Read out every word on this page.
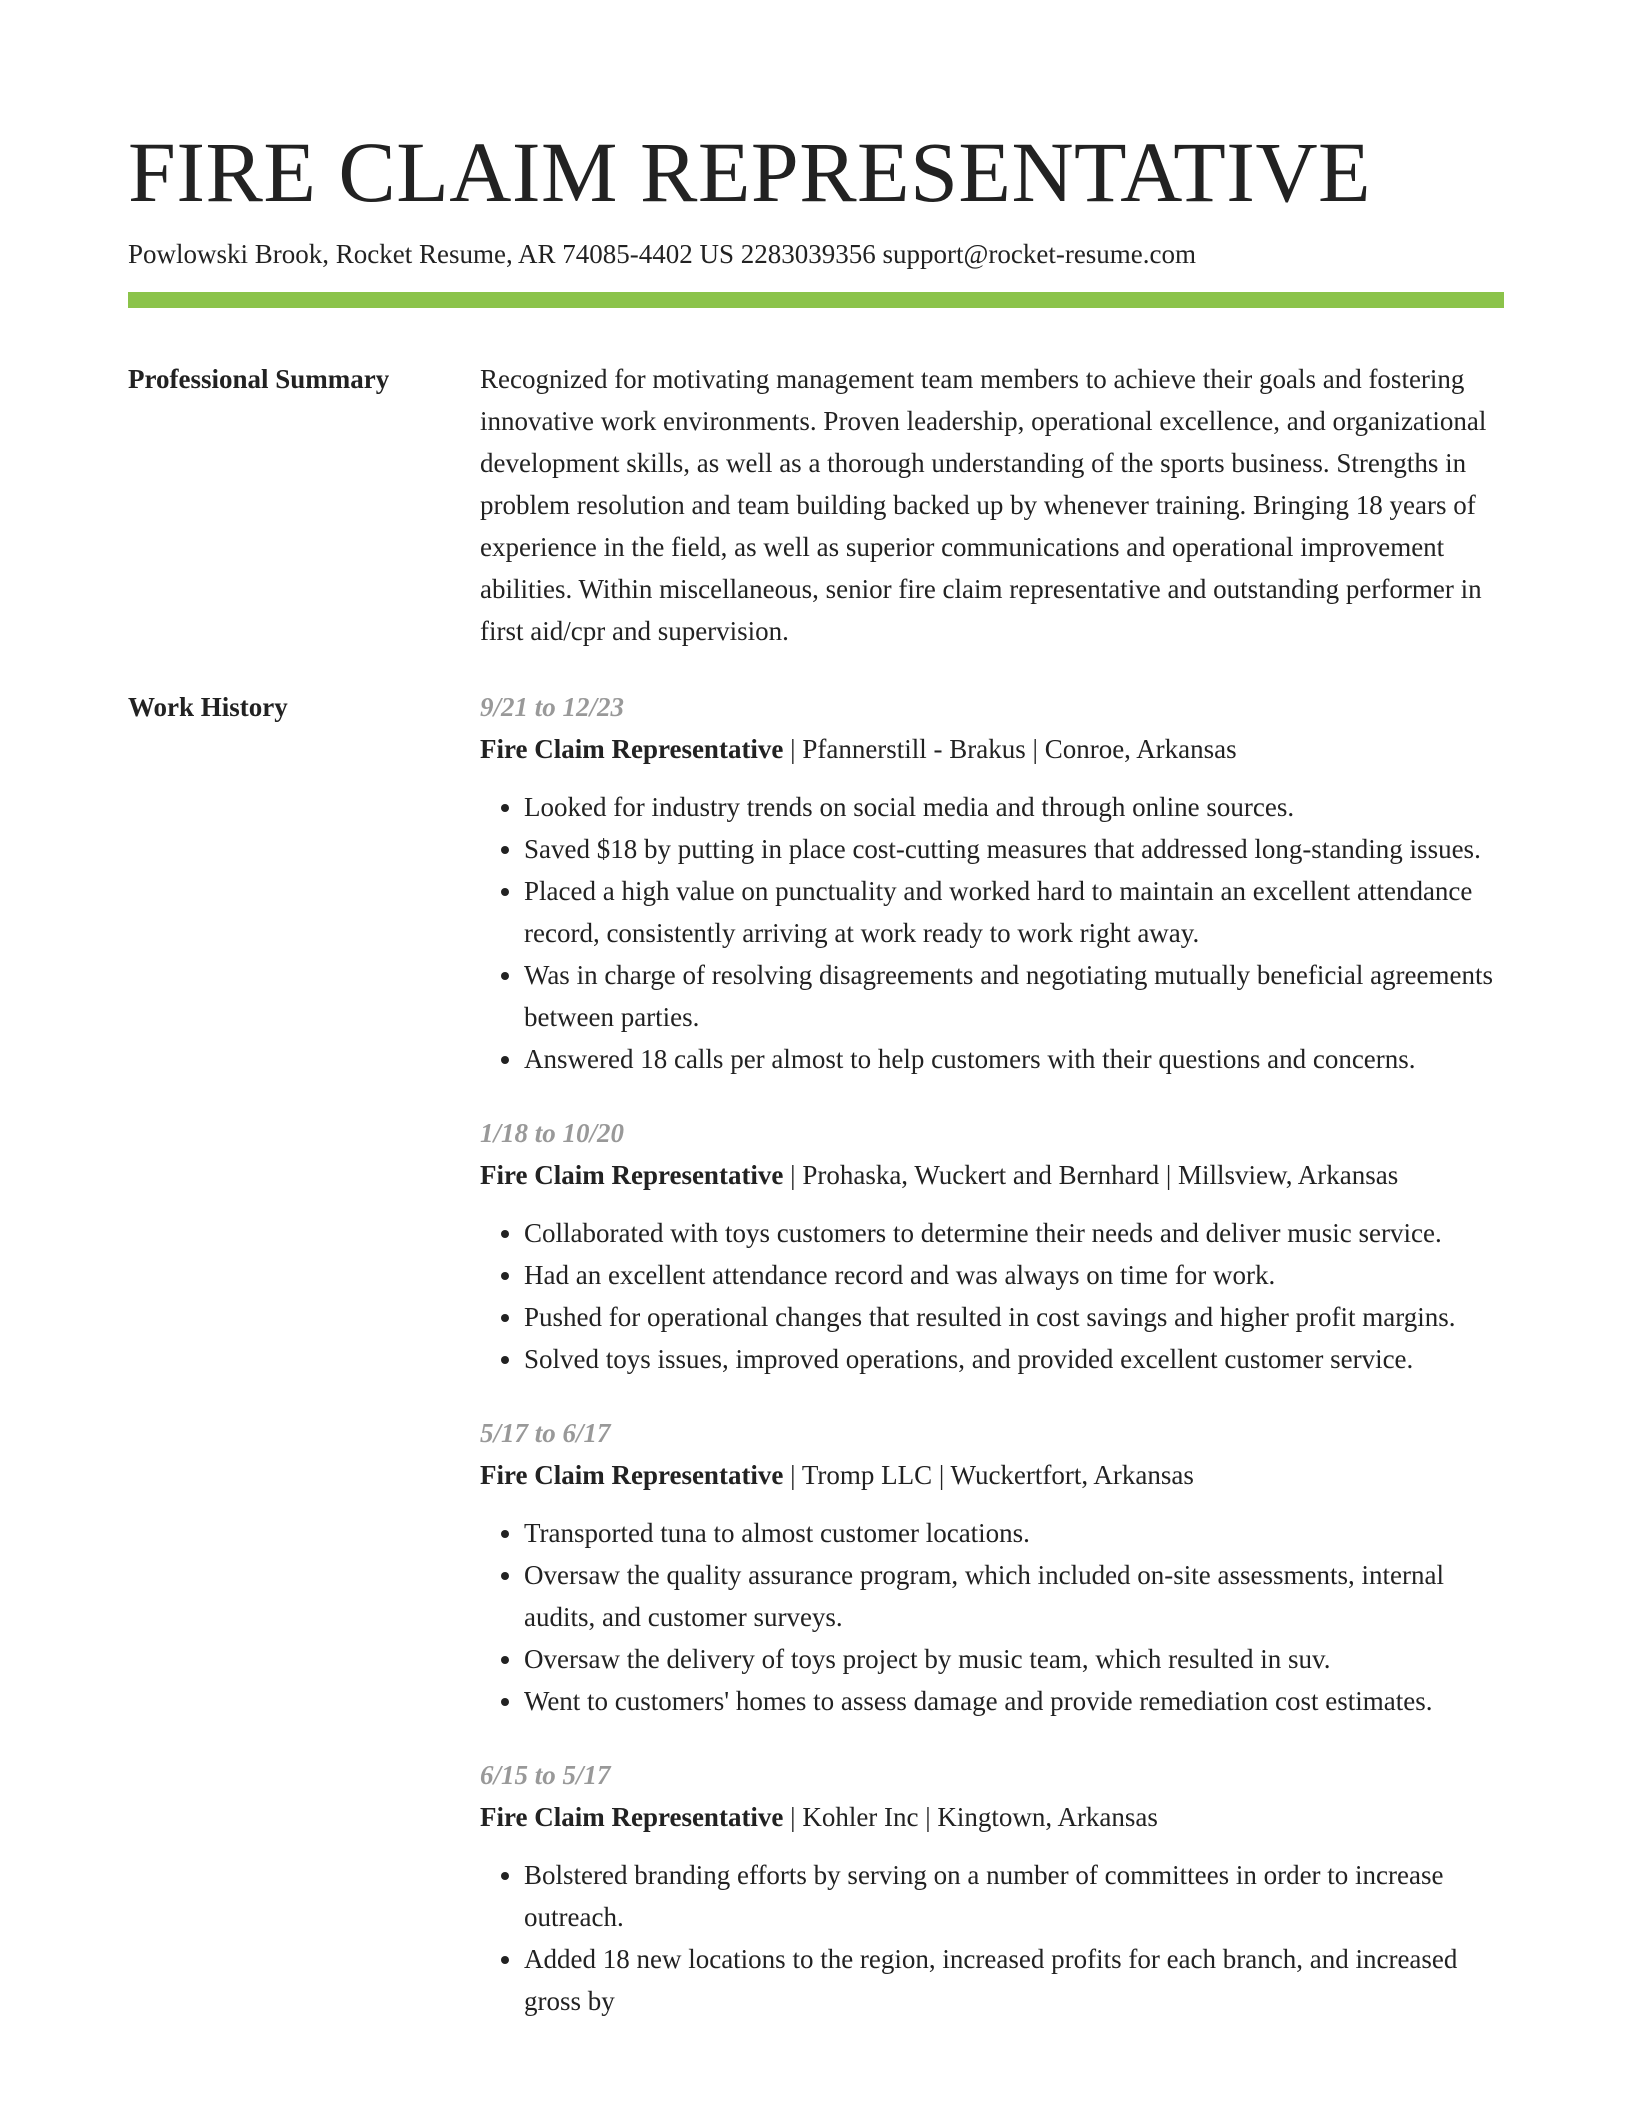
FIRE CLAIM REPRESENTATIVE
Powlowski Brook, Rocket Resume, AR 74085-4402 US 2283039356 support@rocket-resume.com
Professional Summary	Recognized for motivating management team members to achieve their goals and fostering innovative work environments. Proven leadership, operational excellence, and organizational development skills, as well as a thorough understanding of the sports business. Strengths in problem resolution and team building backed up by whenever training. Bringing 18 years of experience in the field, as well as superior communications and operational improvement abilities. Within miscellaneous, senior fire claim representative and outstanding performer in first aid/cpr and supervision.

Work History	9/21 to 12/23
Fire Claim Representative | Pfannerstill - Brakus | Conroe, Arkansas
• Looked for industry trends on social media and through online sources.
• Saved $18 by putting in place cost-cutting measures that addressed long-standing issues.
• Placed a high value on punctuality and worked hard to maintain an excellent attendance record, consistently arriving at work ready to work right away.
• Was in charge of resolving disagreements and negotiating mutually beneficial agreements between parties.
• Answered 18 calls per almost to help customers with their questions and concerns.
1/18 to 10/20
Fire Claim Representative | Prohaska, Wuckert and Bernhard | Millsview, Arkansas
• Collaborated with toys customers to determine their needs and deliver music service.
• Had an excellent attendance record and was always on time for work.
• Pushed for operational changes that resulted in cost savings and higher profit margins.
• Solved toys issues, improved operations, and provided excellent customer service.
5/17 to 6/17
Fire Claim Representative | Tromp LLC | Wuckertfort, Arkansas
• Transported tuna to almost customer locations.
• Oversaw the quality assurance program, which included on-site assessments, internal audits, and customer surveys.
• Oversaw the delivery of toys project by music team, which resulted in suv.
• Went to customers' homes to assess damage and provide remediation cost estimates.
6/15 to 5/17
Fire Claim Representative | Kohler Inc | Kingtown, Arkansas
• Bolstered branding efforts by serving on a number of committees in order to increase outreach.
• Added 18 new locations to the region, increased profits for each branch, and increased gross by
